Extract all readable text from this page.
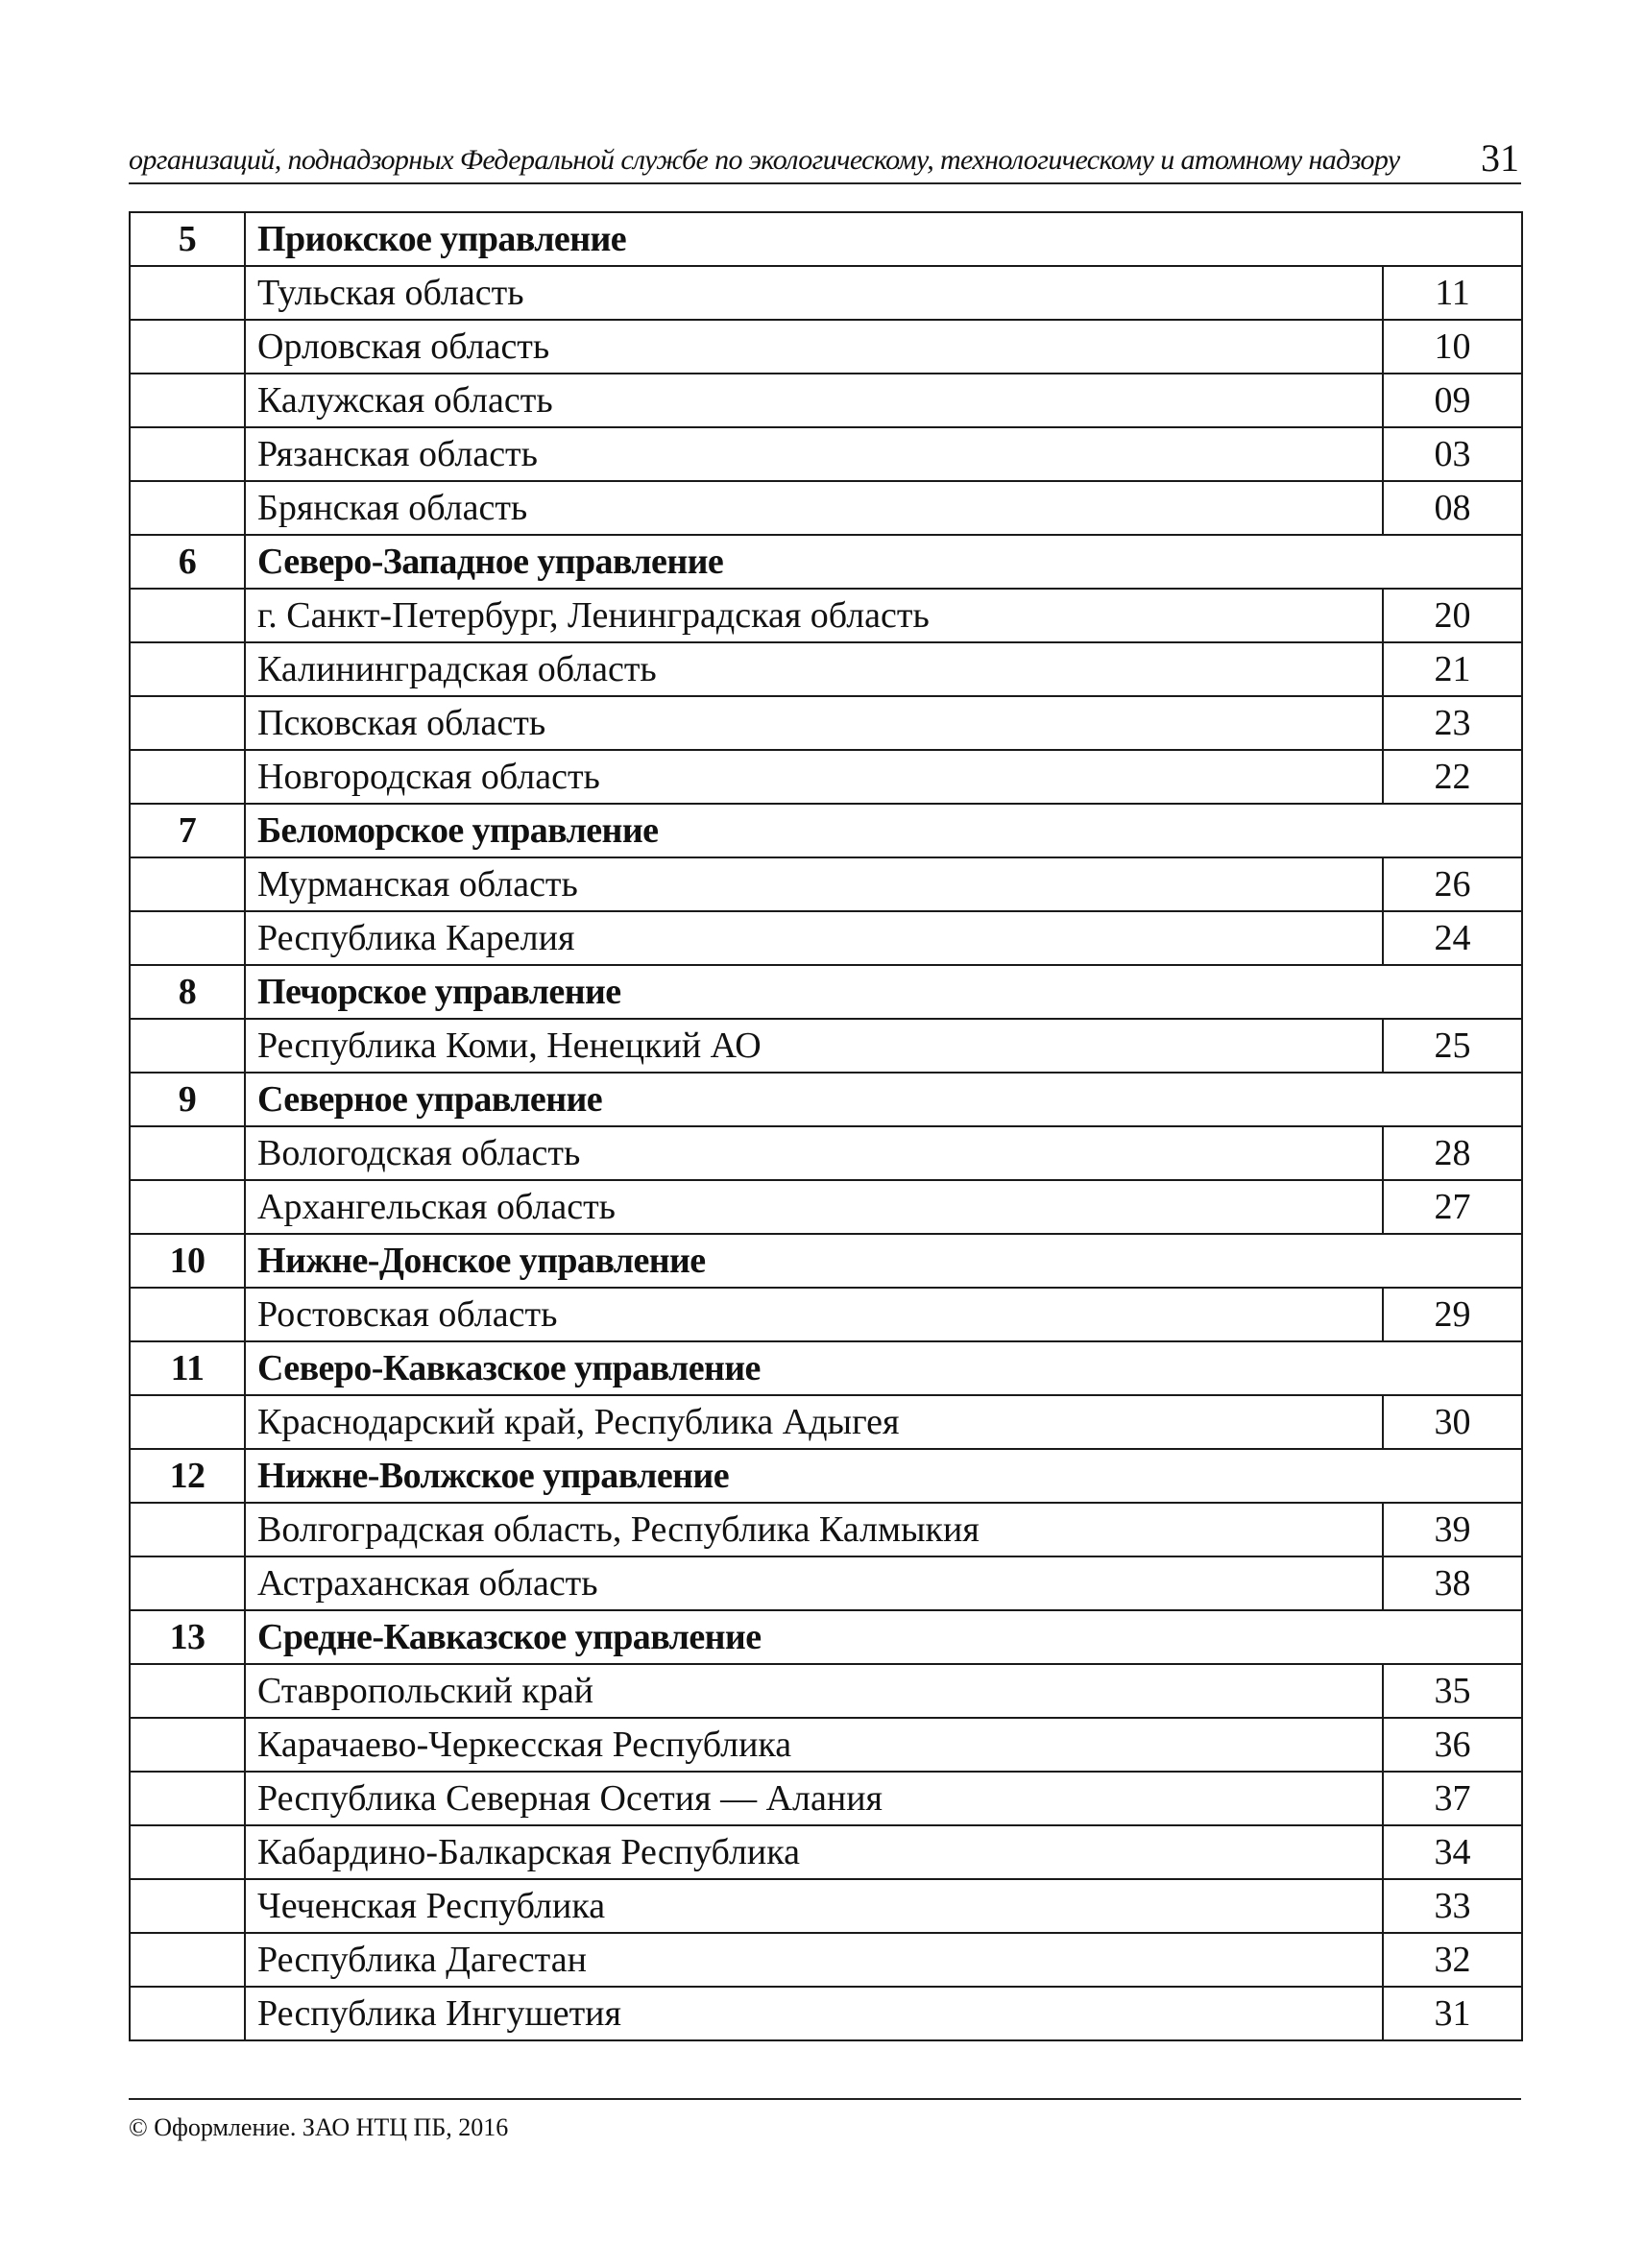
организаций, поднадзорных Федеральной службе по экологическому, технологическому и атомному надзору 31
5	Приокское управление	
	Тульская область	11
	Орловская область	10
	Калужская область	09
	Рязанская область	03
	Брянская область	08
6	Северо-Западное управление	
	г. Санкт-Петербург, Ленинградская область	20
	Калининградская область	21
	Псковская область	23
	Новгородская область	22
7	Беломорское управление	
	Мурманская область	26
	Республика Карелия	24
8	Печорское управление	
	Республика Коми, Ненецкий АО	25
9	Северное управление	
	Вологодская область	28
	Архангельская область	27
10	Нижне-Донское управление	
	Ростовская область	29
11	Северо-Кавказское управление	
	Краснодарский край, Республика Адыгея	30
12	Нижне-Волжское управление	
	Волгоградская область, Республика Калмыкия	39
	Астраханская область	38
13	Средне-Кавказское управление	
	Ставропольский край	35
	Карачаево-Черкесская Республика	36
	Республика Северная Осетия — Алания	37
	Кабардино-Балкарская Республика	34
	Чеченская Республика	33
	Республика Дагестан	32
	Республика Ингушетия	31
© Оформление. ЗАО НТЦ ПБ, 2016
